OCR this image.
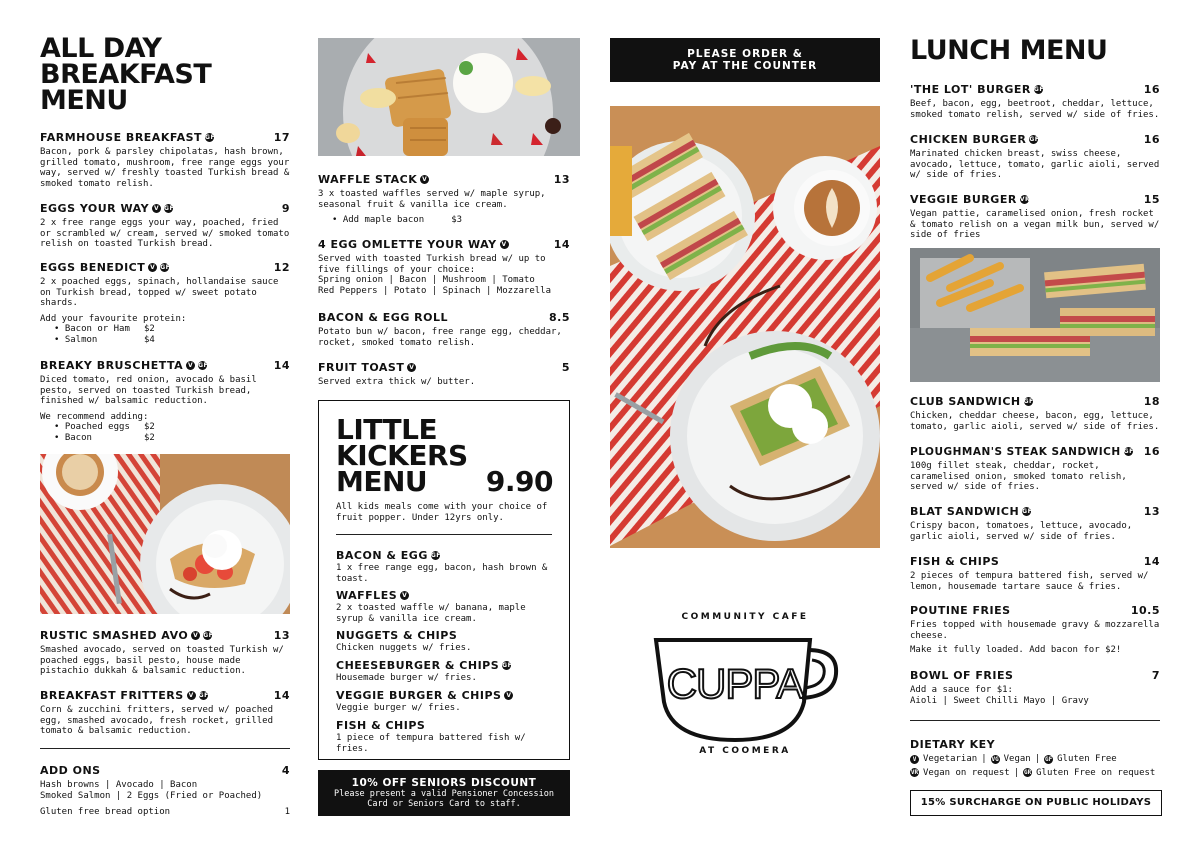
ALL DAY
BREAKFAST
MENU
FARMHOUSE BREAKFAST GF	17
Bacon, pork & parsley chipolatas, hash brown, grilled tomato, mushroom, free range eggs your way, served w/ freshly toasted Turkish bread & smoked tomato relish.
EGGS YOUR WAY V GF	9
2 x free range eggs your way, poached, fried or scrambled w/ cream, served w/ smoked tomato relish on toasted Turkish bread.
EGGS BENEDICT V GF	12
2 x poached eggs, spinach, hollandaise sauce on Turkish bread, topped w/ sweet potato shards.
Add your favourite protein:
• Bacon or Ham	$2
• Salmon	$4
BREAKY BRUSCHETTA V GF	14
Diced tomato, red onion, avocado & basil pesto, served on toasted Turkish bread, finished w/ balsamic reduction.
We recommend adding:
• Poached eggs	$2
• Bacon	$2
RUSTIC SMASHED AVO V GF	13
Smashed avocado, served on toasted Turkish w/ poached eggs, basil pesto, house made pistachio dukkah & balsamic reduction.
BREAKFAST FRITTERS V GF	14
Corn & zucchini fritters, served w/ poached egg, smashed avocado, fresh rocket, grilled tomato & balsamic reduction.
ADD ONS	4
Hash browns | Avocado | Bacon
Smoked Salmon | 2 Eggs (Fried or Poached)
Gluten free bread option	1
WAFFLE STACK V	13
3 x toasted waffles served w/ maple syrup, seasonal fruit & vanilla ice cream.
• Add maple bacon     $3
4 EGG OMLETTE YOUR WAY V	14
Served with toasted Turkish bread w/ up to five fillings of your choice:
Spring onion | Bacon | Mushroom | Tomato
Red Peppers | Potato | Spinach | Mozzarella
BACON & EGG ROLL	8.5
Potato bun w/ bacon, free range egg, cheddar, rocket, smoked tomato relish.
FRUIT TOAST V	5
Served extra thick w/ butter.
LITTLE
KICKERS
MENU	9.90
All kids meals come with your choice of fruit popper. Under 12yrs only.
BACON & EGG GF
1 x free range egg, bacon, hash brown & toast.
WAFFLES V
2 x toasted waffle w/ banana, maple syrup & vanilla ice cream.
NUGGETS & CHIPS
Chicken nuggets w/ fries.
CHEESEBURGER & CHIPS GF
Housemade burger w/ fries.
VEGGIE BURGER & CHIPS V
Veggie burger w/ fries.
FISH & CHIPS
1 piece of tempura battered fish w/ fries.
10% OFF SENIORS DISCOUNT
Please present a valid Pensioner Concession
Card or Seniors Card to staff.
PLEASE ORDER &
PAY AT THE COUNTER
CUPPA
COMMUNITY CAFE
AT COOMERA
LUNCH MENU
'THE LOT' BURGER GF	16
Beef, bacon, egg, beetroot, cheddar, lettuce, smoked tomato relish, served w/ side of fries.
CHICKEN BURGER GF	16
Marinated chicken breast, swiss cheese, avocado, lettuce, tomato, garlic aioli, served w/ side of fries.
VEGGIE BURGER VR	15
Vegan pattie, caramelised onion, fresh rocket & tomato relish on a vegan milk bun, served w/ side of fries
CLUB SANDWICH GF	18
Chicken, cheddar cheese, bacon, egg, lettuce, tomato, garlic aioli, served w/ side of fries.
PLOUGHMAN'S STEAK SANDWICH GF 16
100g fillet steak, cheddar, rocket, caramelised onion, smoked tomato relish, served w/ side of fries.
BLAT SANDWICH GF	13
Crispy bacon, tomatoes, lettuce, avocado, garlic aioli, served w/ side of fries.
FISH & CHIPS	14
2 pieces of tempura battered fish, served w/ lemon, housemade tartare sauce & fries.
POUTINE FRIES	10.5
Fries topped with housemade gravy & mozzarella cheese.
Make it fully loaded. Add bacon for $2!
BOWL OF FRIES	7
Add a sauce for $1:
Aioli | Sweet Chilli Mayo | Gravy
DIETARY KEY
V Vegetarian | VG Vegan | GF Gluten Free
VR Vegan on request | GR Gluten Free on request
15% SURCHARGE ON PUBLIC HOLIDAYS
